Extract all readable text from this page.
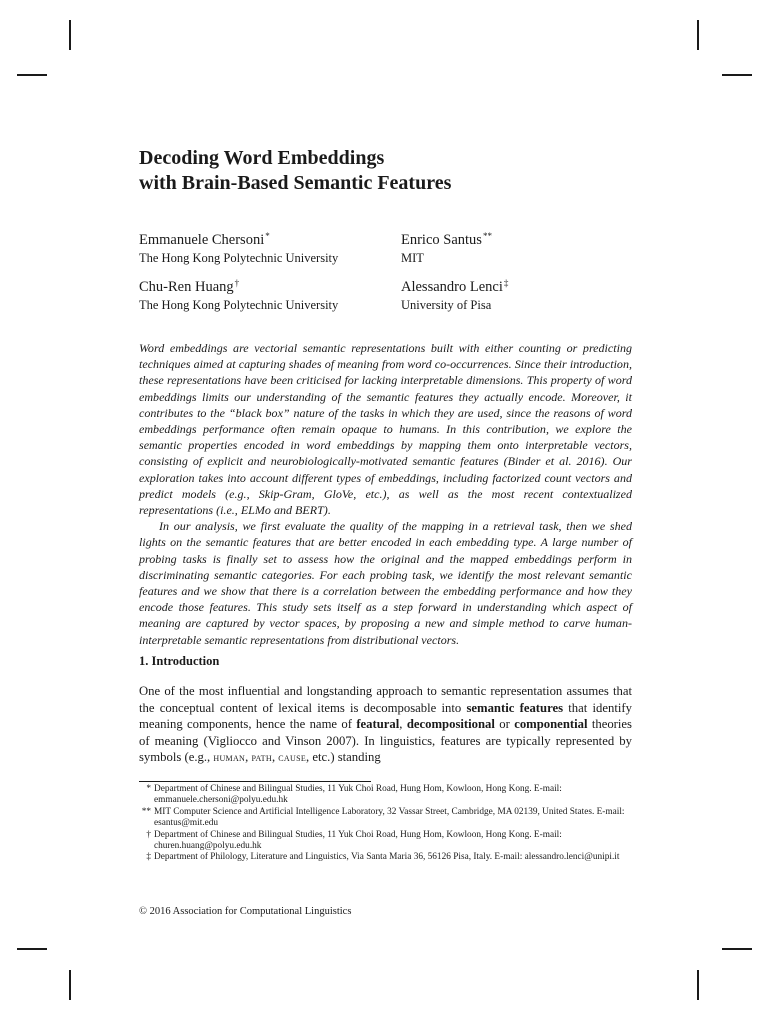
Decoding Word Embeddings
with Brain-Based Semantic Features
Emmanuele Chersoni*
The Hong Kong Polytechnic University
Enrico Santus**
MIT
Chu-Ren Huang†
The Hong Kong Polytechnic University
Alessandro Lenci‡
University of Pisa

Word embeddings are vectorial semantic representations built with either counting or predicting techniques aimed at capturing shades of meaning from word co-occurrences. Since their introduction, these representations have been criticised for lacking interpretable dimensions. This property of word embeddings limits our understanding of the semantic features they actually encode. Moreover, it contributes to the “black box” nature of the tasks in which they are used, since the reasons of word embeddings performance often remain opaque to humans. In this contribution, we explore the semantic properties encoded in word embeddings by mapping them onto interpretable vectors, consisting of explicit and neurobiologically-motivated semantic features (Binder et al. 2016). Our exploration takes into account different types of embeddings, including factorized count vectors and predict models (e.g., Skip-Gram, GloVe, etc.), as well as the most recent contextualized representations (i.e., ELMo and BERT).

In our analysis, we first evaluate the quality of the mapping in a retrieval task, then we shed lights on the semantic features that are better encoded in each embedding type. A large number of probing tasks is finally set to assess how the original and the mapped embeddings perform in discriminating semantic categories. For each probing task, we identify the most relevant semantic features and we show that there is a correlation between the embedding performance and how they encode those features. This study sets itself as a step forward in understanding which aspect of meaning are captured by vector spaces, by proposing a new and simple method to carve human-interpretable semantic representations from distributional vectors.

1. Introduction

One of the most influential and longstanding approach to semantic representation assumes that the conceptual content of lexical items is decomposable into semantic features that identify meaning components, hence the name of featural, decompositional or componential theories of meaning (Vigliocco and Vinson 2007). In linguistics, features are typically represented by symbols (e.g., human, path, cause, etc.) standing

* Department of Chinese and Bilingual Studies, 11 Yuk Choi Road, Hung Hom, Kowloon, Hong Kong. E-mail: emmanuele.chersoni@polyu.edu.hk

** MIT Computer Science and Artificial Intelligence Laboratory, 32 Vassar Street, Cambridge, MA 02139, United States. E-mail: esantus@mit.edu

† Department of Chinese and Bilingual Studies, 11 Yuk Choi Road, Hung Hom, Kowloon, Hong Kong. E-mail: churen.huang@polyu.edu.hk

‡ Department of Philology, Literature and Linguistics, Via Santa Maria 36, 56126 Pisa, Italy. E-mail: alessandro.lenci@unipi.it

© 2016 Association for Computational Linguistics
